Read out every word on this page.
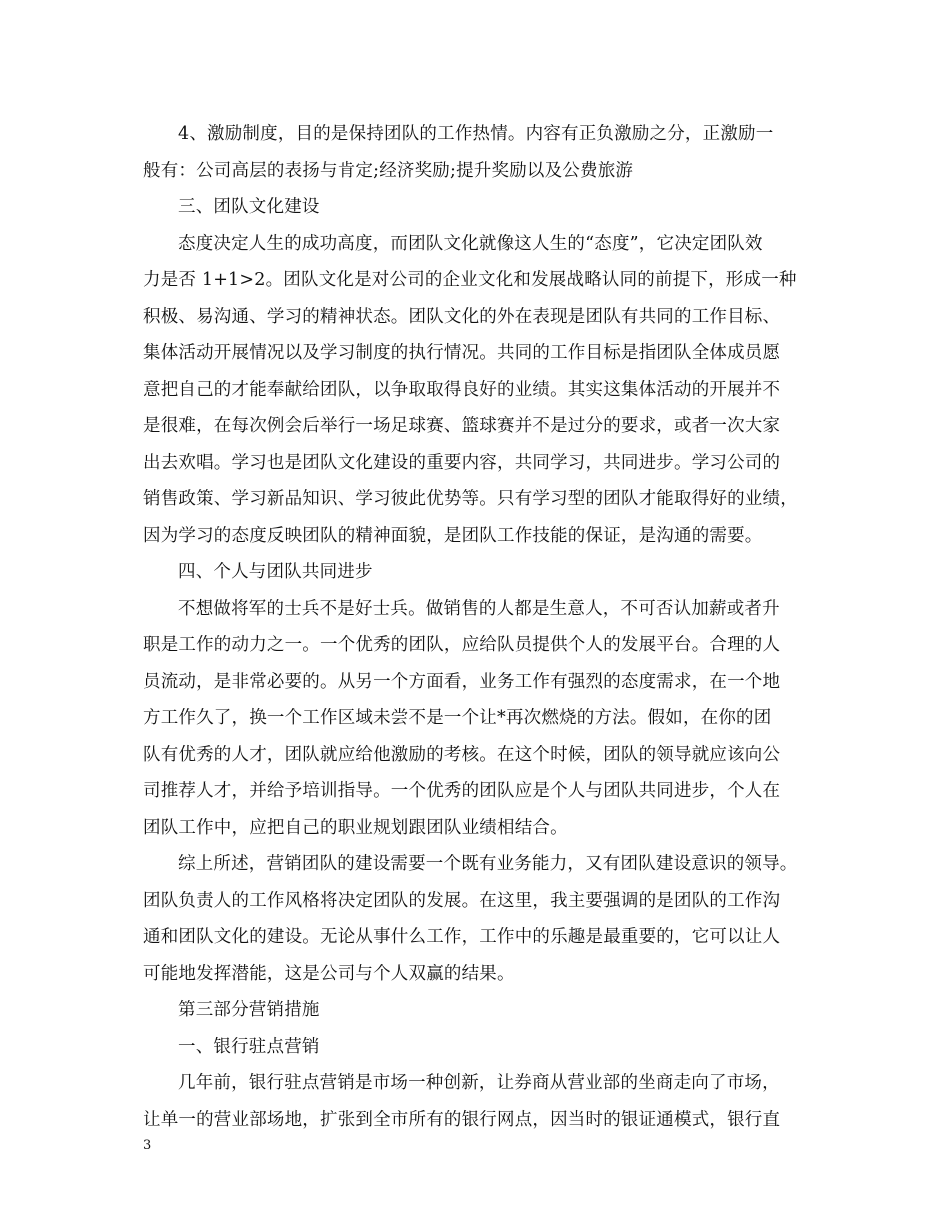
4、激励制度，目的是保持团队的工作热情。内容有正负激励之分，正激励一
般有：公司高层的表扬与肯定;经济奖励;提升奖励以及公费旅游
三、团队文化建设
态度决定人生的成功高度，而团队文化就像这人生的“态度”，它决定团队效
力是否 1+1>2。团队文化是对公司的企业文化和发展战略认同的前提下，形成一种
积极、易沟通、学习的精神状态。团队文化的外在表现是团队有共同的工作目标、
集体活动开展情况以及学习制度的执行情况。共同的工作目标是指团队全体成员愿
意把自己的才能奉献给团队，以争取取得良好的业绩。其实这集体活动的开展并不
是很难，在每次例会后举行一场足球赛、篮球赛并不是过分的要求，或者一次大家
出去欢唱。学习也是团队文化建设的重要内容，共同学习，共同进步。学习公司的
销售政策、学习新品知识、学习彼此优势等。只有学习型的团队才能取得好的业绩，
因为学习的态度反映团队的精神面貌，是团队工作技能的保证，是沟通的需要。
四、个人与团队共同进步
不想做将军的士兵不是好士兵。做销售的人都是生意人，不可否认加薪或者升
职是工作的动力之一。一个优秀的团队，应给队员提供个人的发展平台。合理的人
员流动，是非常必要的。从另一个方面看，业务工作有强烈的态度需求，在一个地
方工作久了，换一个工作区域未尝不是一个让*再次燃烧的方法。假如，在你的团
队有优秀的人才，团队就应给他激励的考核。在这个时候，团队的领导就应该向公
司推荐人才，并给予培训指导。一个优秀的团队应是个人与团队共同进步，个人在
团队工作中，应把自己的职业规划跟团队业绩相结合。
综上所述，营销团队的建设需要一个既有业务能力，又有团队建设意识的领导。
团队负责人的工作风格将决定团队的发展。在这里，我主要强调的是团队的工作沟
通和团队文化的建设。无论从事什么工作，工作中的乐趣是最重要的，它可以让人
可能地发挥潜能，这是公司与个人双赢的结果。
第三部分营销措施
一、银行驻点营销
几年前，银行驻点营销是市场一种创新，让券商从营业部的坐商走向了市场，
让单一的营业部场地，扩张到全市所有的银行网点，因当时的银证通模式，银行直
3
